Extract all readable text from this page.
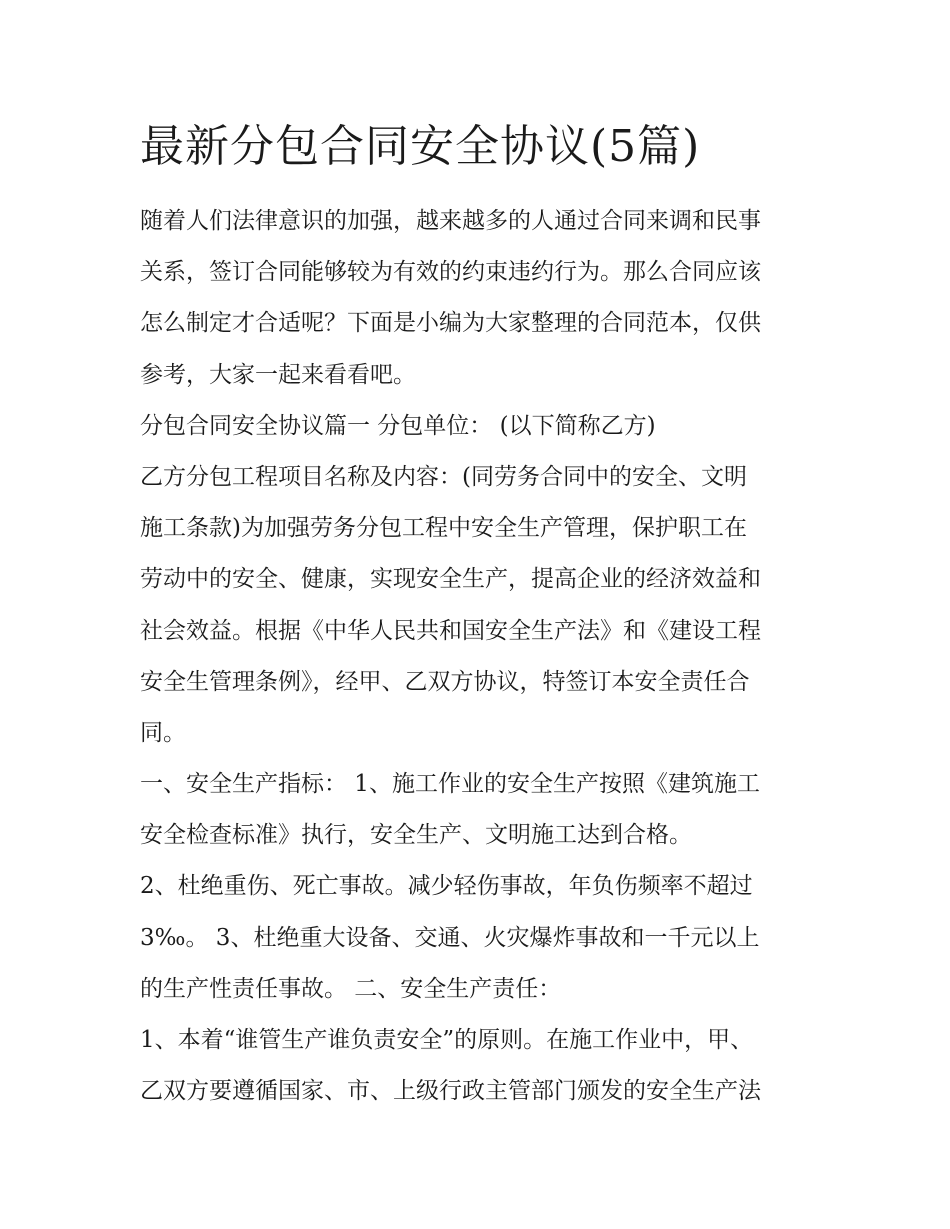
最新分包合同安全协议(5篇)

随着人们法律意识的加强，越来越多的人通过合同来调和民事

关系，签订合同能够较为有效的约束违约行为。那么合同应该

怎么制定才合适呢？下面是小编为大家整理的合同范本，仅供

参考，大家一起来看看吧。

分包合同安全协议篇一 分包单位： (以下简称乙方)

乙方分包工程项目名称及内容：(同劳务合同中的安全、文明

施工条款)为加强劳务分包工程中安全生产管理，保护职工在

劳动中的安全、健康，实现安全生产，提高企业的经济效益和

社会效益。根据《中华人民共和国安全生产法》和《建设工程

安全生管理条例》，经甲、乙双方协议，特签订本安全责任合

同。

一、安全生产指标： 1、施工作业的安全生产按照《建筑施工

安全检查标准》执行，安全生产、文明施工达到合格。

2、杜绝重伤、死亡事故。减少轻伤事故，年负伤频率不超过

3‰。 3、杜绝重大设备、交通、火灾爆炸事故和一千元以上

的生产性责任事故。 二、安全生产责任：

1、本着“谁管生产谁负责安全”的原则。在施工作业中，甲、

乙双方要遵循国家、市、上级行政主管部门颁发的安全生产法
